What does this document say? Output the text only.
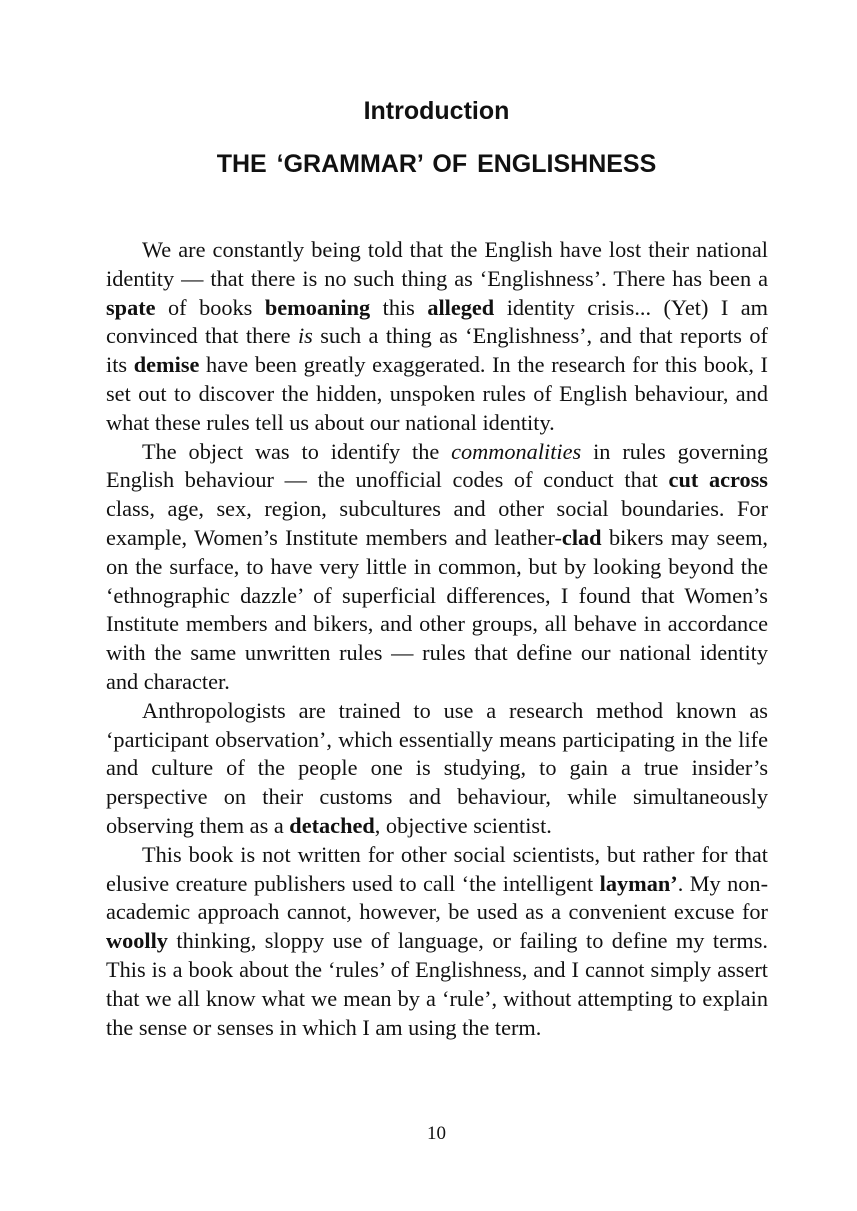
Introduction
THE ‘GRAMMAR’ OF ENGLISHNESS

We are constantly being told that the English have lost their national identity — that there is no such thing as ‘Englishness’. There has been a spate of books bemoaning this alleged identity crisis... (Yet) I am convinced that there is such a thing as ‘Englishness’, and that reports of its demise have been greatly exaggerated. In the research for this book, I set out to discover the hidden, unspoken rules of English behaviour, and what these rules tell us about our national identity.

The object was to identify the commonalities in rules governing English behaviour — the unofficial codes of conduct that cut across class, age, sex, region, subcultures and other social boundaries. For example, Women’s Institute members and leather-clad bikers may seem, on the surface, to have very little in common, but by looking beyond the ‘ethnographic dazzle’ of superficial differences, I found that Women’s Institute members and bikers, and other groups, all behave in accordance with the same unwritten rules — rules that define our national identity and character.

Anthropologists are trained to use a research method known as ‘participant observation’, which essentially means participating in the life and culture of the people one is studying, to gain a true insider’s perspective on their customs and behaviour, while simultaneously observing them as a detached, objective scientist.

This book is not written for other social scientists, but rather for that elusive creature publishers used to call ‘the intelligent layman’. My non-academic approach cannot, however, be used as a convenient excuse for woolly thinking, sloppy use of language, or failing to define my terms. This is a book about the ‘rules’ of Englishness, and I cannot simply assert that we all know what we mean by a ‘rule’, without attempting to explain the sense or senses in which I am using the term.

10
